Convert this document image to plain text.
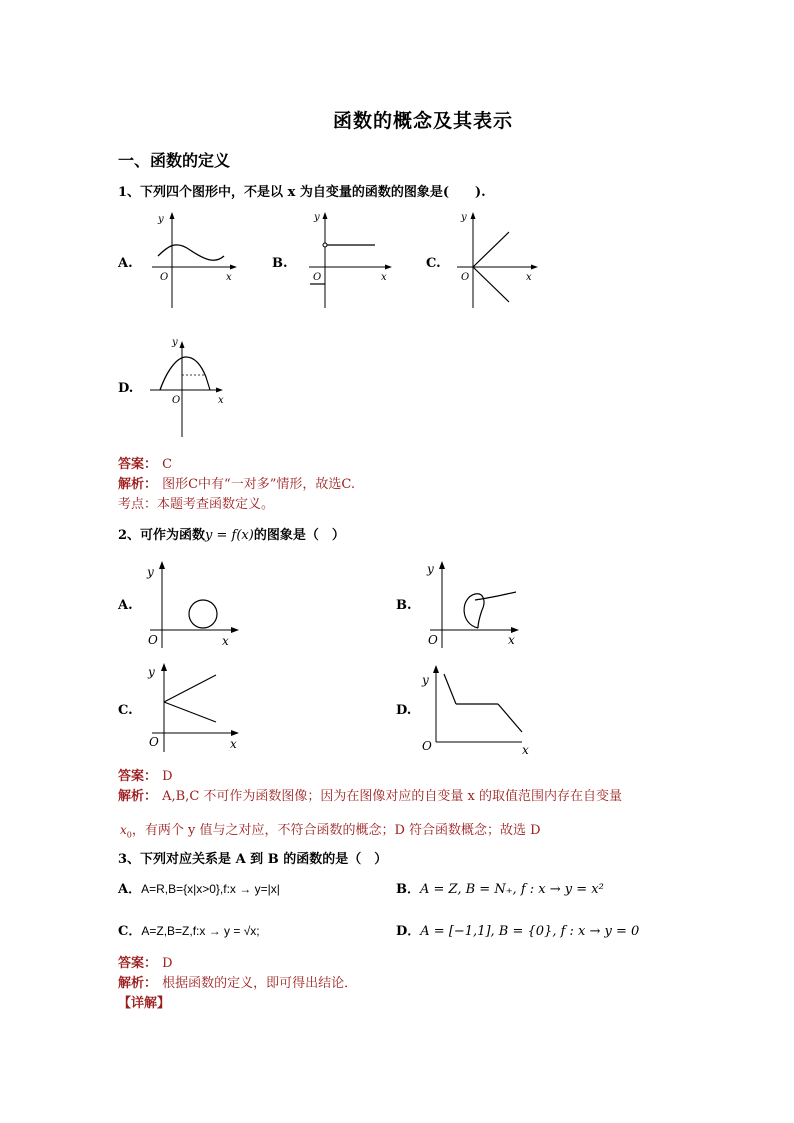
函数的概念及其表示
一、函数的定义
1、下列四个图形中，不是以 x 为自变量的函数的图象是(　　).
A.	B.	C.
D.
y
x
O
y
x
O
y
x
O
y
x
O
答案： C
解析： 图形C中有“一对多”情形，故选C.
考点：本题考查函数定义。
2、可作为函数y = f(x)的图象是（　）
A.	B.
C.	D.
y
x
O
y
x
O
y
x
O
y
x
O
答案： D
解析： A,B,C 不可作为函数图像；因为在图像对应的自变量 x 的取值范围内存在自变量
$x_0$，有两个 y 值与之对应，不符合函数的概念；D 符合函数概念；故选 D
3、下列对应关系是 A 到 B 的函数的是（　）
A．A=R,B={x|x>0},f:x → y=|x|	B．A = Z, B = N₊, f : x → y = x²
C．A=Z,B=Z,f:x → y = √x;	D．A = [−1,1], B = {0}, f : x → y = 0
答案： D
解析： 根据函数的定义，即可得出结论．
【详解】
